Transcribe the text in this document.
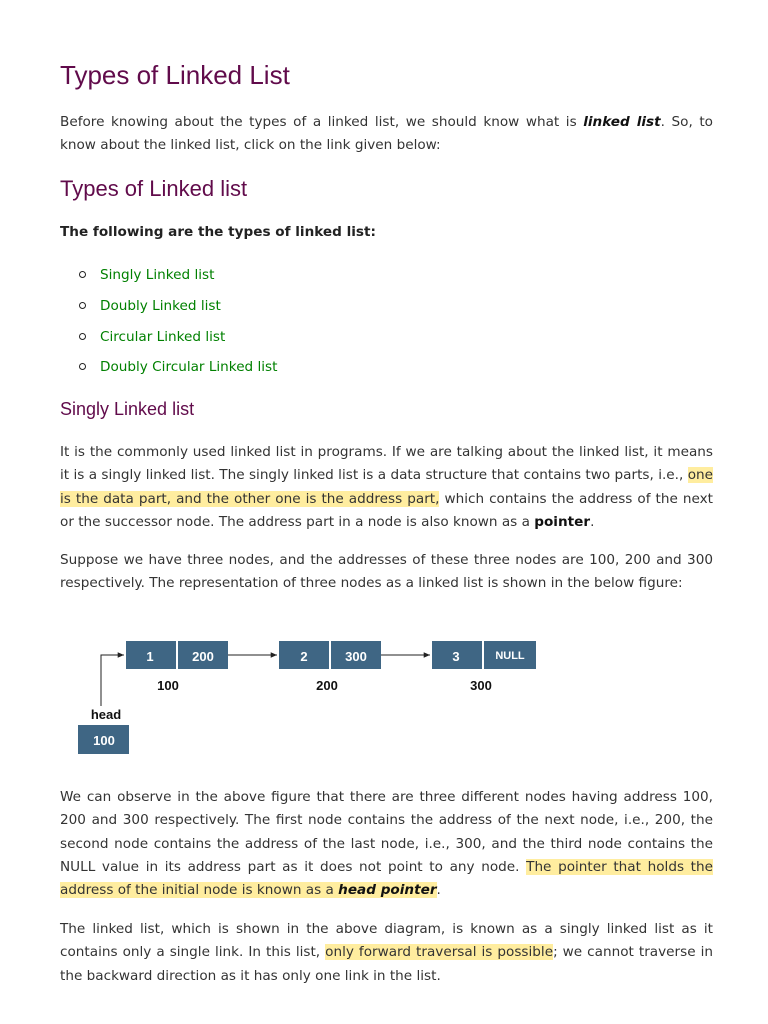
Types of Linked List

Before knowing about the types of a linked list, we should know what is linked list. So, to know about the linked list, click on the link given below:

Types of Linked list
The following are the types of linked list:
Singly Linked list
Doubly Linked list
Circular Linked list
Doubly Circular Linked list
Singly Linked list

It is the commonly used linked list in programs. If we are talking about the linked list, it means it is a singly linked list. The singly linked list is a data structure that contains two parts, i.e., one is the data part, and the other one is the address part, which contains the address of the next or the successor node. The address part in a node is also known as a pointer.

Suppose we have three nodes, and the addresses of these three nodes are 100, 200 and 300 respectively. The representation of three nodes as a linked list is shown in the below figure:

We can observe in the above figure that there are three different nodes having address 100, 200 and 300 respectively. The first node contains the address of the next node, i.e., 200, the second node contains the address of the last node, i.e., 300, and the third node contains the NULL value in its address part as it does not point to any node. The pointer that holds the address of the initial node is known as a head pointer.

The linked list, which is shown in the above diagram, is known as a singly linked list as it contains only a single link. In this list, only forward traversal is possible; we cannot traverse in the backward direction as it has only one link in the list.

1	200
100
2	300
200
3	NULL
300
head
100
